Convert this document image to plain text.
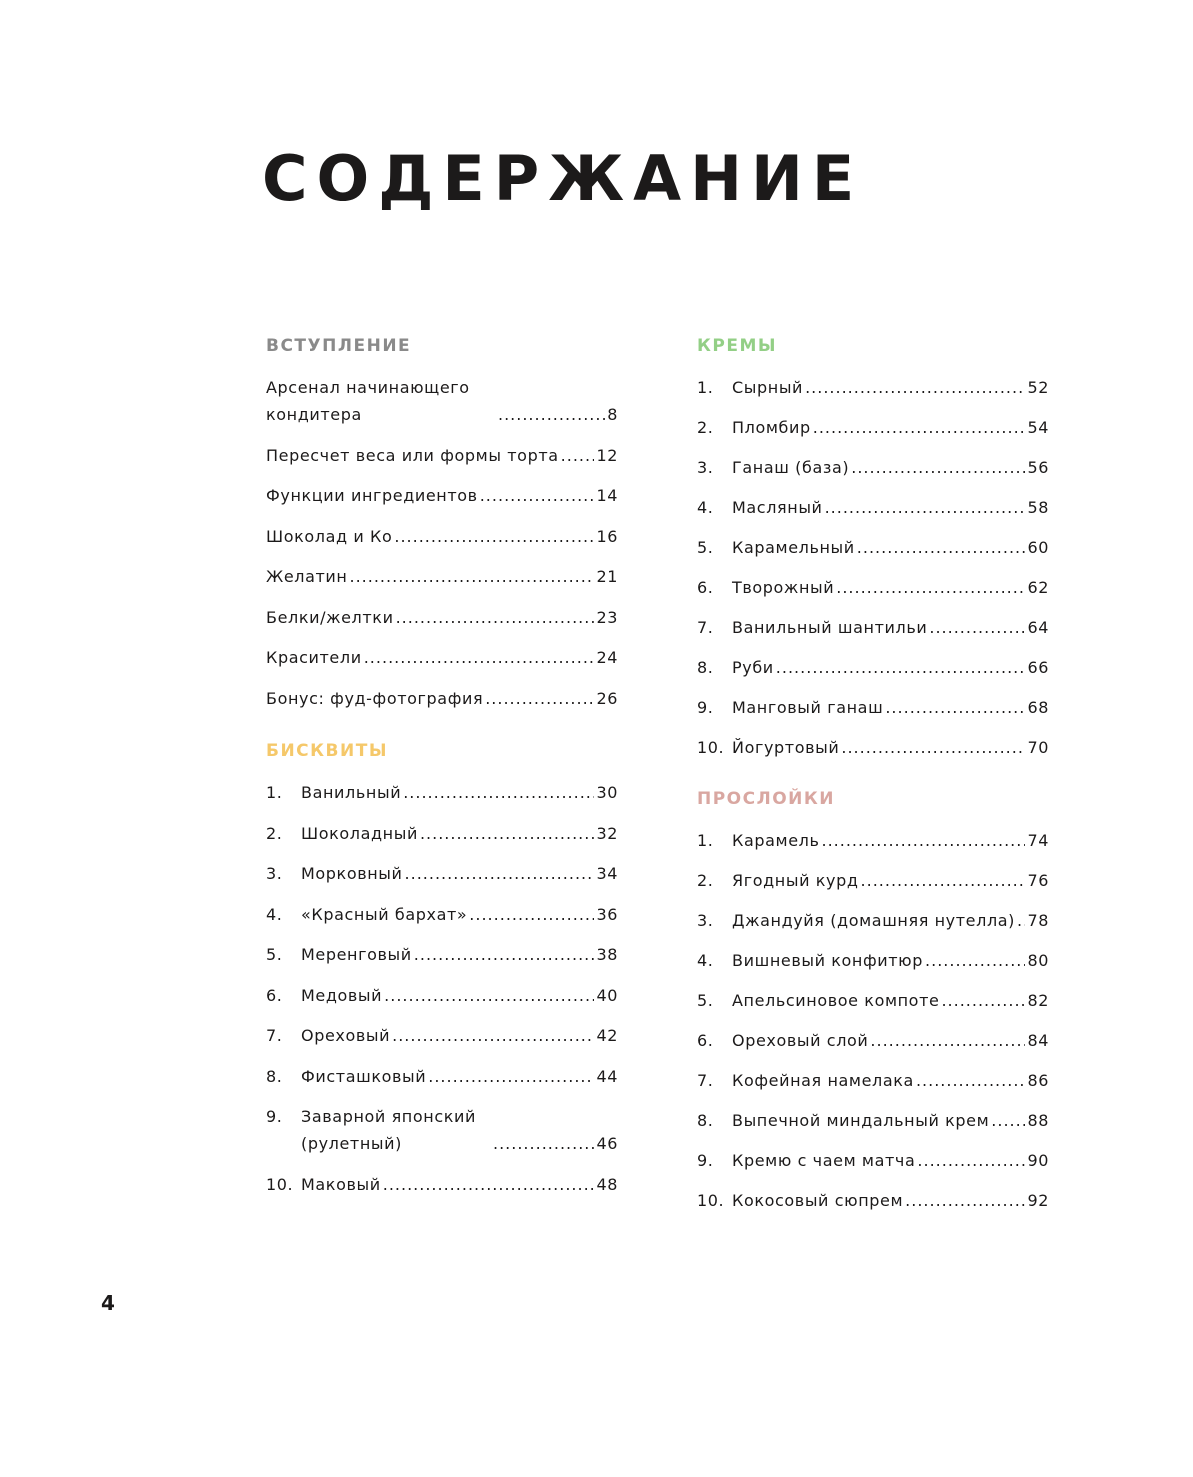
СОДЕРЖАНИЕ
ВСТУПЛЕНИЕ
Арсенал начинающего кондитера .....	8
Пересчет веса или формы торта ..... 12
Функции ингредиентов .....	14
Шоколад и Ко .....	16
Желатин .....	21
Белки/желтки .....	23
Красители .....	24
Бонус: фуд-фотография .....	26
БИСКВИТЫ
1.	Ванильный .....	30
2.	Шоколадный .....	32
3.	Морковный .....	34
4.	«Красный бархат» .....	36
5.	Меренговый .....	38
6.	Медовый .....	40
7.	Ореховый .....	42
8.	Фисташковый .....	44
9.	Заварной японский (рулетный) .....	46
10. Маковый .....	48
КРЕМЫ
1.	Сырный .....	52
2.	Пломбир .....	54
3.	Ганаш (база) .....	56
4.	Масляный .....	58
5.	Карамельный .....	60
6.	Творожный .....	62
7.	Ванильный шантильи .....	64
8.	Руби .....	66
9.	Манговый ганаш .....	68
10. Йогуртовый .....	70
ПРОСЛОЙКИ
1.	Карамель .....	74
2.	Ягодный курд .....	76
3.	Джандуйя (домашняя нутелла) ..... 78
4.	Вишневый конфитюр .....	80
5.	Апельсиновое компоте .....	82
6.	Ореховый слой .....	84
7.	Кофейная намелака .....	86
8.	Выпечной миндальный крем ..... 88
9.	Кремю с чаем матча .....	90
10. Кокосовый сюпрем .....	92
4
